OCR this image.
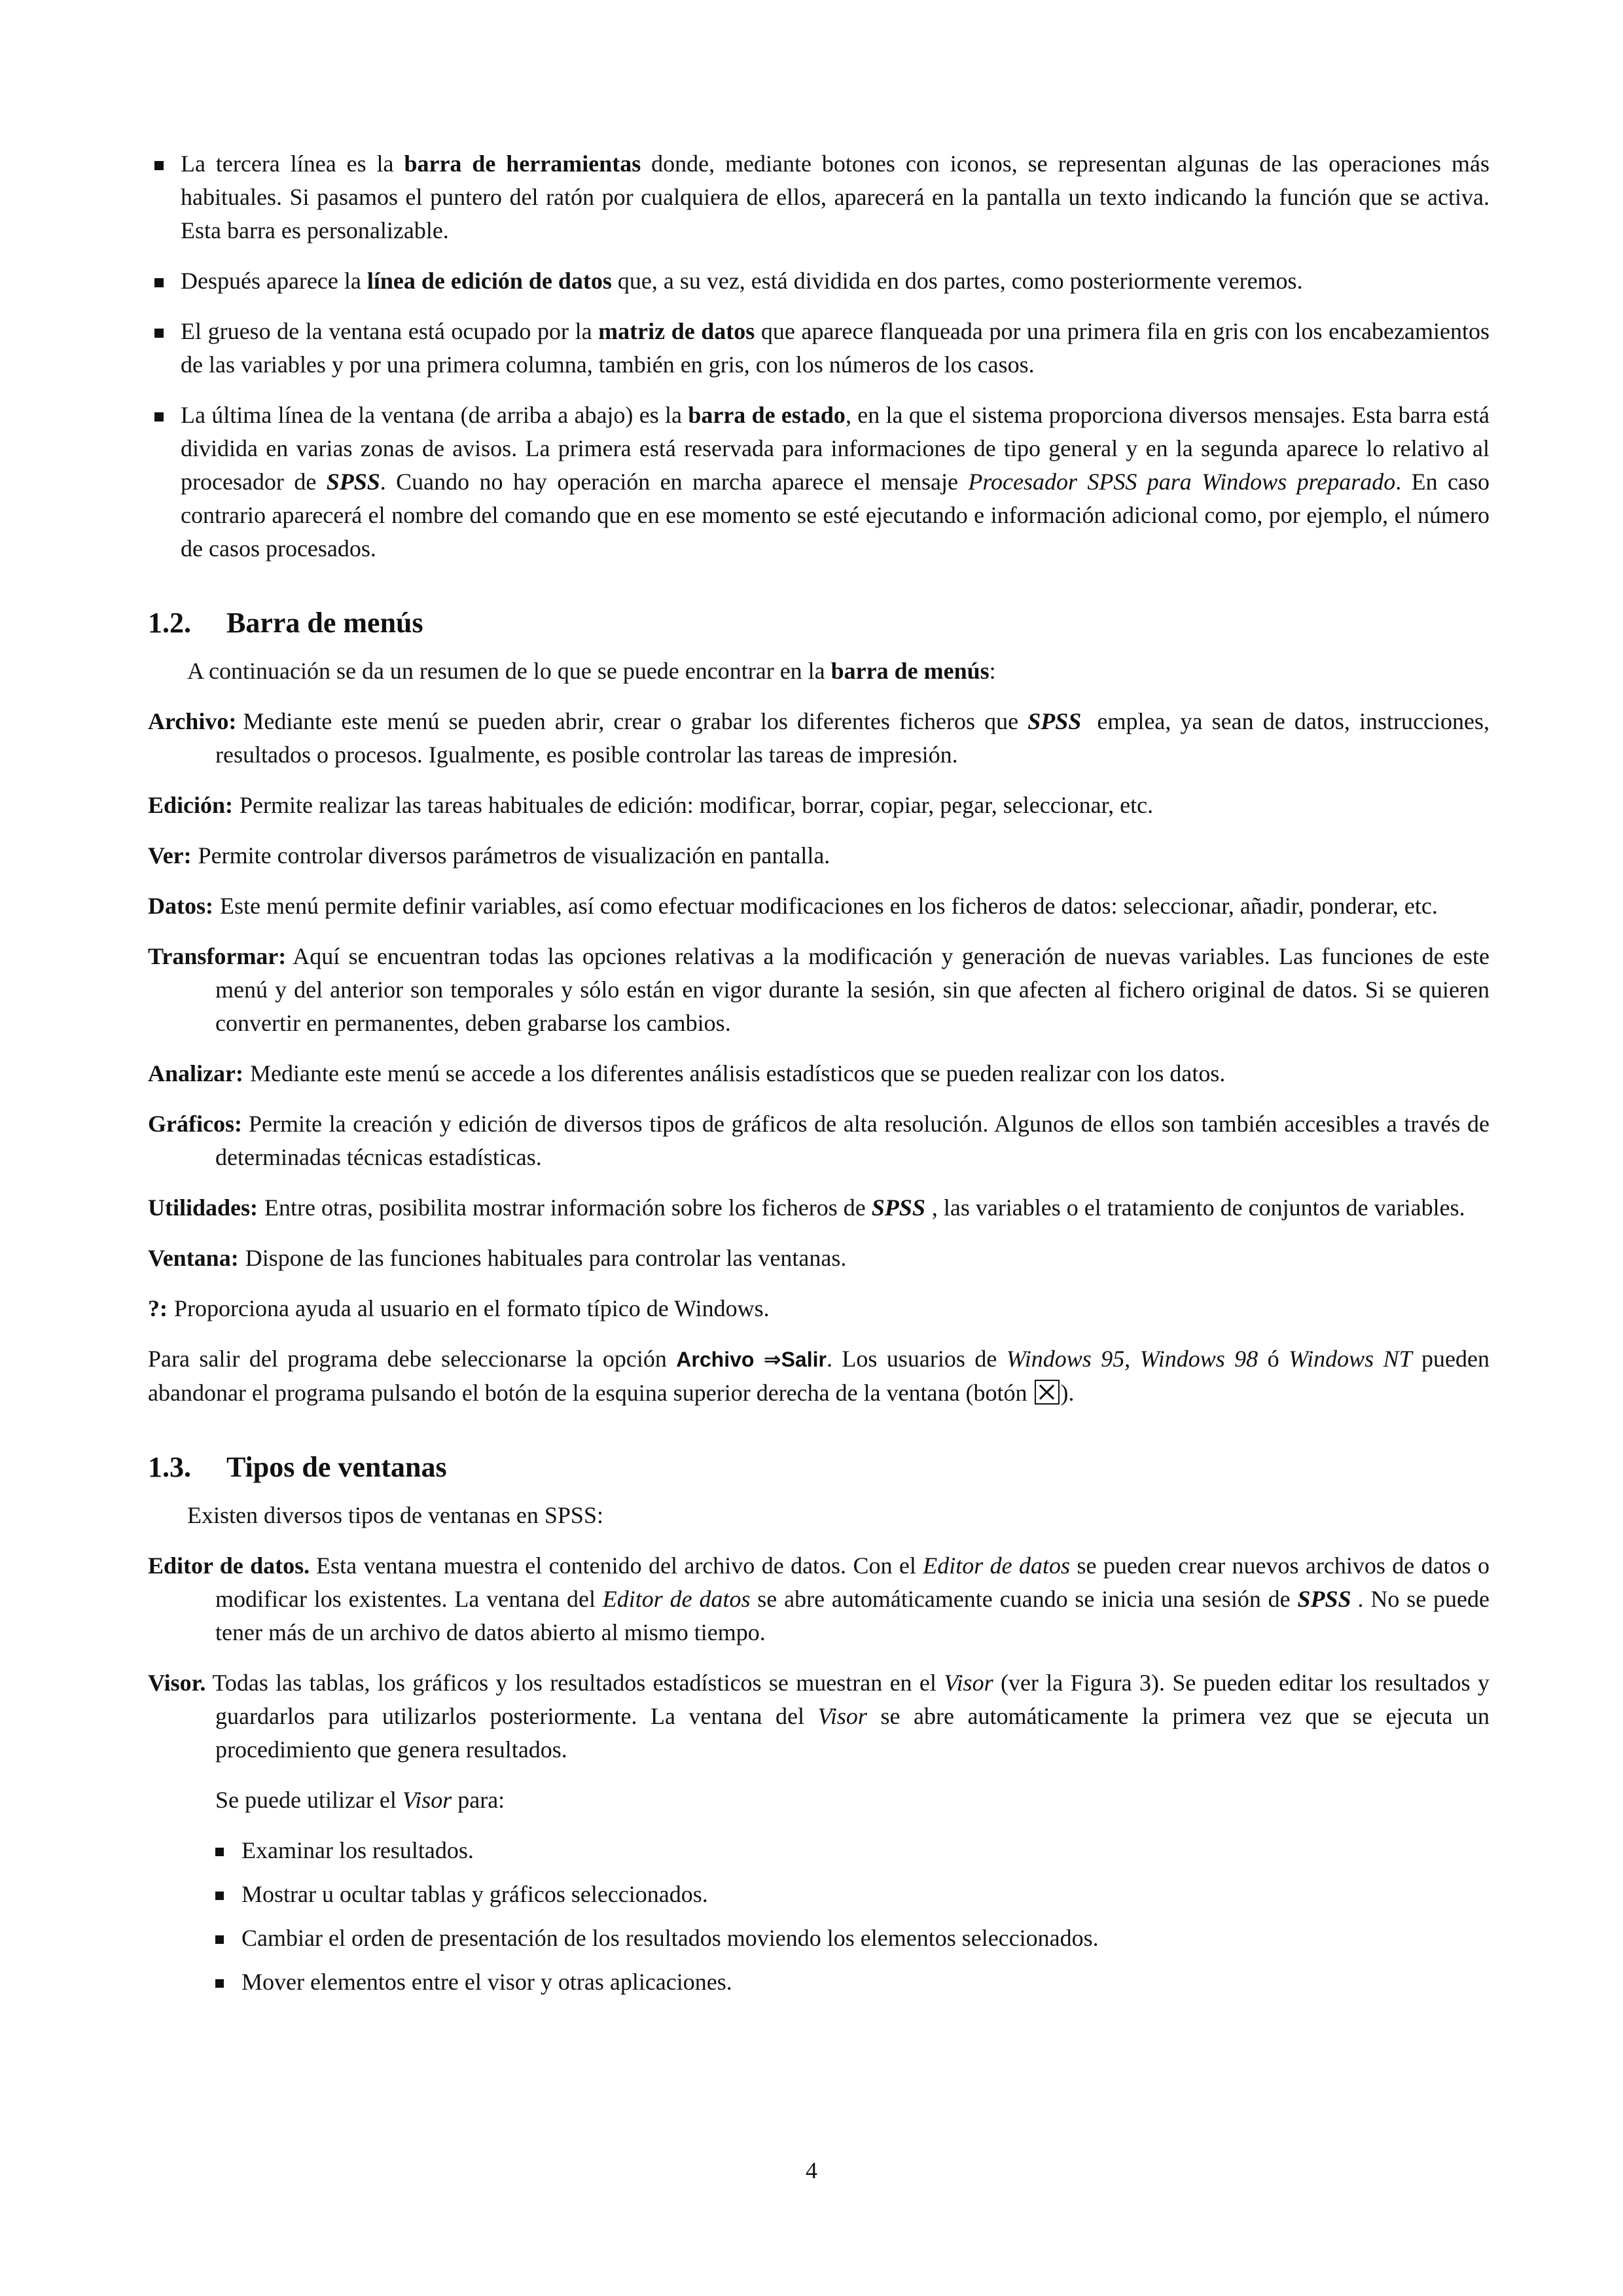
La tercera línea es la barra de herramientas donde, mediante botones con iconos, se representan algunas de las operaciones más habituales. Si pasamos el puntero del ratón por cualquiera de ellos, aparecerá en la pantalla un texto indicando la función que se activa. Esta barra es personalizable.
Después aparece la línea de edición de datos que, a su vez, está dividida en dos partes, como posteriormente veremos.
El grueso de la ventana está ocupado por la matriz de datos que aparece flanqueada por una primera fila en gris con los encabezamientos de las variables y por una primera columna, también en gris, con los números de los casos.
La última línea de la ventana (de arriba a abajo) es la barra de estado, en la que el sistema proporciona diversos mensajes. Esta barra está dividida en varias zonas de avisos. La primera está reservada para informaciones de tipo general y en la segunda aparece lo relativo al procesador de SPSS. Cuando no hay operación en marcha aparece el mensaje Procesador SPSS para Windows preparado. En caso contrario aparecerá el nombre del comando que en ese momento se esté ejecutando e información adicional como, por ejemplo, el número de casos procesados.
1.2. Barra de menús

A continuación se da un resumen de lo que se puede encontrar en la barra de menús:

Archivo: Mediante este menú se pueden abrir, crear o grabar los diferentes ficheros que SPSS emplea, ya sean de datos, instrucciones, resultados o procesos. Igualmente, es posible controlar las tareas de impresión.
Edición: Permite realizar las tareas habituales de edición: modificar, borrar, copiar, pegar, seleccionar, etc.
Ver: Permite controlar diversos parámetros de visualización en pantalla.
Datos: Este menú permite definir variables, así como efectuar modificaciones en los ficheros de datos: seleccionar, añadir, ponderar, etc.
Transformar: Aquí se encuentran todas las opciones relativas a la modificación y generación de nuevas variables. Las funciones de este menú y del anterior son temporales y sólo están en vigor durante la sesión, sin que afecten al fichero original de datos. Si se quieren convertir en permanentes, deben grabarse los cambios.
Analizar: Mediante este menú se accede a los diferentes análisis estadísticos que se pueden realizar con los datos.
Gráficos: Permite la creación y edición de diversos tipos de gráficos de alta resolución. Algunos de ellos son también accesibles a través de determinadas técnicas estadísticas.
Utilidades: Entre otras, posibilita mostrar información sobre los ficheros de SPSS , las variables o el tratamiento de conjuntos de variables.
Ventana: Dispone de las funciones habituales para controlar las ventanas.
?: Proporciona ayuda al usuario en el formato típico de Windows.

Para salir del programa debe seleccionarse la opción Archivo ⇒Salir. Los usuarios de Windows 95, Windows 98 ó Windows NT pueden abandonar el programa pulsando el botón de la esquina superior derecha de la ventana (botón ).

1.3. Tipos de ventanas

Existen diversos tipos de ventanas en SPSS:

Editor de datos. Esta ventana muestra el contenido del archivo de datos. Con el Editor de datos se pueden crear nuevos archivos de datos o modificar los existentes. La ventana del Editor de datos se abre automáticamente cuando se inicia una sesión de SPSS . No se puede tener más de un archivo de datos abierto al mismo tiempo.
Visor. Todas las tablas, los gráficos y los resultados estadísticos se muestran en el Visor (ver la Figura 3). Se pueden editar los resultados y guardarlos para utilizarlos posteriormente. La ventana del Visor se abre automáticamente la primera vez que se ejecuta un procedimiento que genera resultados.
Se puede utilizar el Visor para:
Examinar los resultados.
Mostrar u ocultar tablas y gráficos seleccionados.
Cambiar el orden de presentación de los resultados moviendo los elementos seleccionados.
Mover elementos entre el visor y otras aplicaciones.
4
